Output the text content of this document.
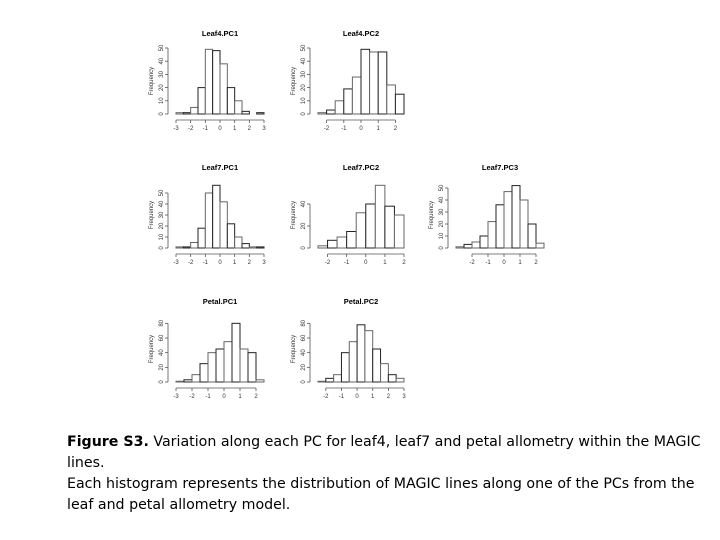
Leaf4.PC1
0
10
20
30
40
50
Frequency
-3 -2 -1 0 1 2 3
Leaf4.PC2
0
10
20
30
40
50
Frequency
-2 -1 0 1 2
Leaf7.PC1
0
10
20
30
40
50
Frequency
-3 -2 -1 0 1 2 3
Leaf7.PC2
0
20
40
Frequency
-2 -1 0	1	2
Leaf7.PC3
0
10
20
30
40
50
Frequency
-2 -1 0 1 2
Petal.PC1
0
20
40
60
80
Frequency
-3 -2 -1 0 1 2
Petal.PC2
0
20
40
60
80
Frequency
-2 -1 0 1 2 3
Figure S3. Variation along each PC for leaf4, leaf7 and petal allometry within the MAGIC lines.
Each histogram represents the distribution of MAGIC lines along one of the PCs from the leaf and petal allometry model.
